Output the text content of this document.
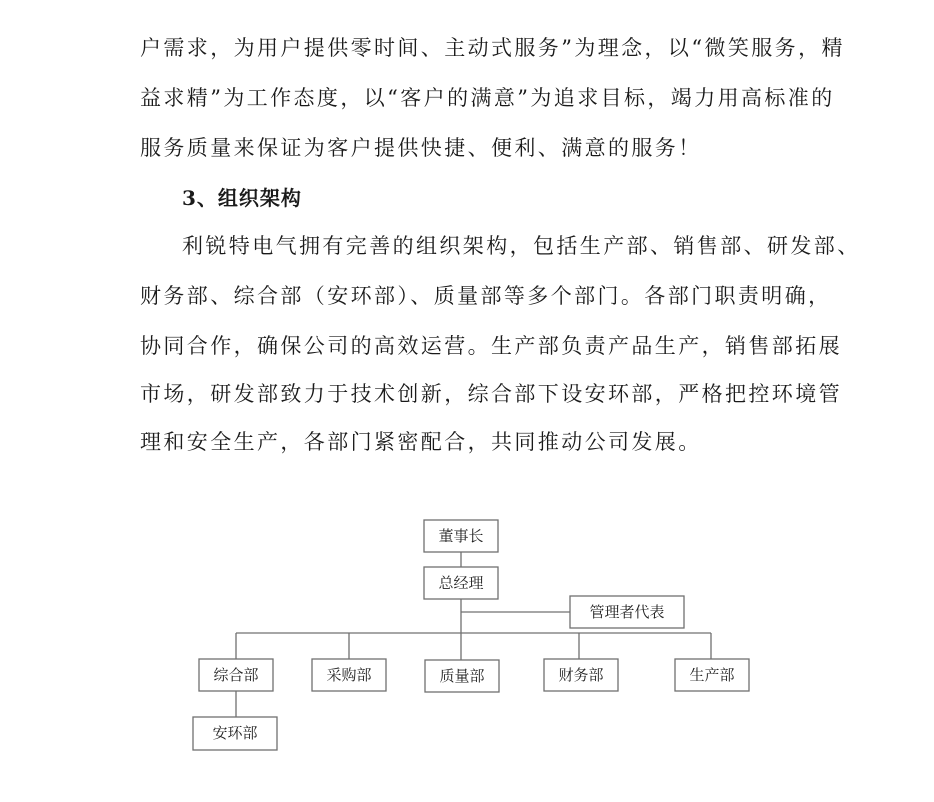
户需求，为用户提供零时间、主动式服务”为理念，以“微笑服务，精

益求精”为工作态度，以“客户的满意”为追求目标，竭力用高标准的

服务质量来保证为客户提供快捷、便利、满意的服务！

3、组织架构

利锐特电气拥有完善的组织架构，包括生产部、销售部、研发部、

财务部、综合部（安环部）、质量部等多个部门。各部门职责明确，

协同合作，确保公司的高效运营。生产部负责产品生产，销售部拓展

市场，研发部致力于技术创新，综合部下设安环部，严格把控环境管

理和安全生产，各部门紧密配合，共同推动公司发展。

董事长
总经理
管理者代表
综合部	采购部	质量部	财务部	生产部
安环部
